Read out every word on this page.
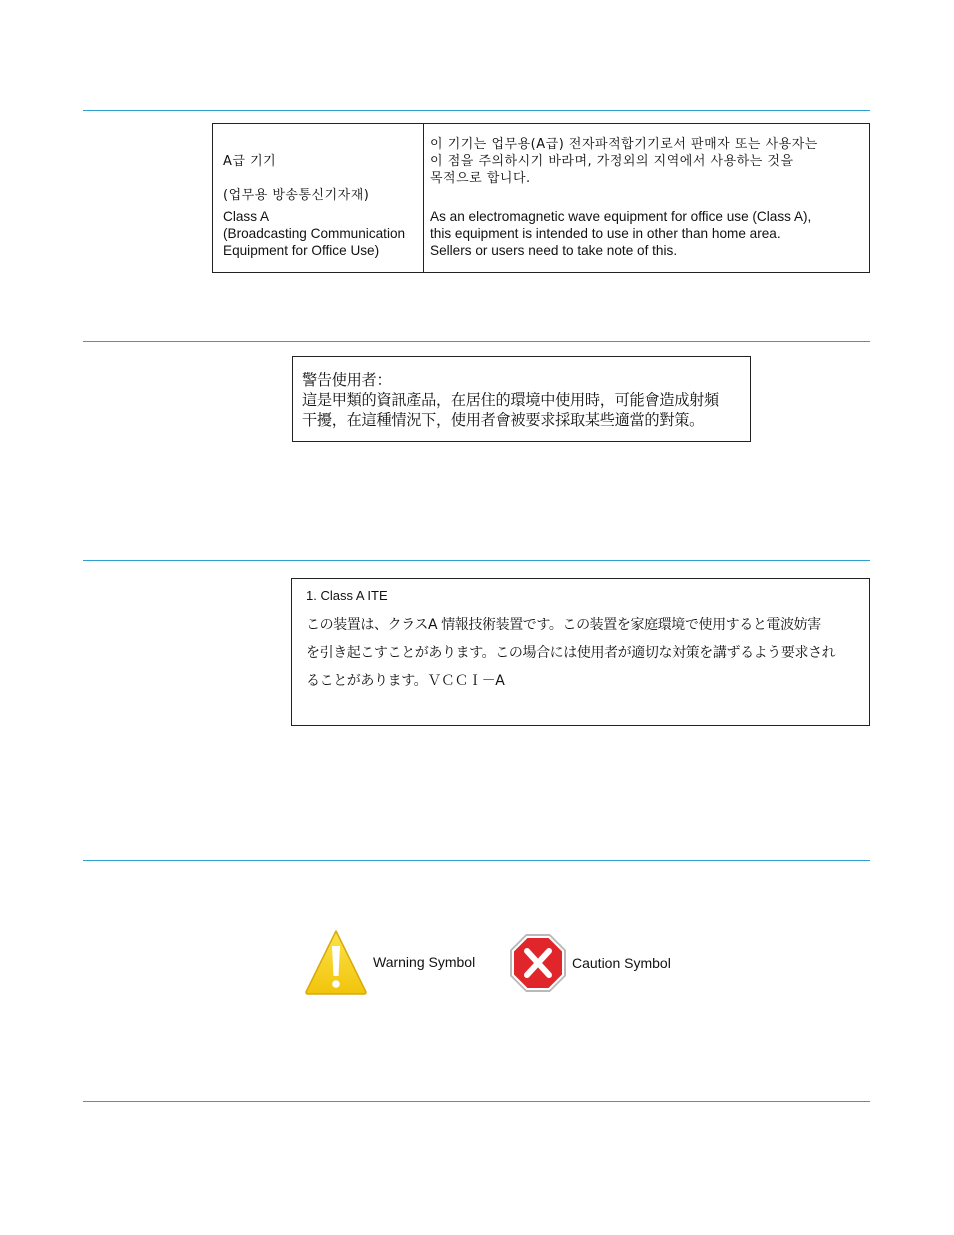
A급 기기

(업무용 방송통신기자재)

Class A
(Broadcasting Communication
Equipment for Office Use)
이 기기는 업무용(A급) 전자파적합기기로서 판매자 또는 사용자는
이 점을 주의하시기 바라며, 가정외의 지역에서 사용하는 것을
목적으로 합니다.
As an electromagnetic wave equipment for office use (Class A),
this equipment is intended to use in other than home area.
Sellers or users need to take note of this.
警告使用者：
這是甲類的資訊產品，在居住的環境中使用時，可能會造成射頻
干擾，在這種情況下，使用者會被要求採取某些適當的對策。
1. Class A ITE
この装置は、クラスA 情報技術装置です。この装置を家庭環境で使用すると電波妨害
を引き起こすことがあります。この場合には使用者が適切な対策を講ずるよう要求され
ることがあります。ＶＣＣＩ－A
Warning Symbol	Caution Symbol
